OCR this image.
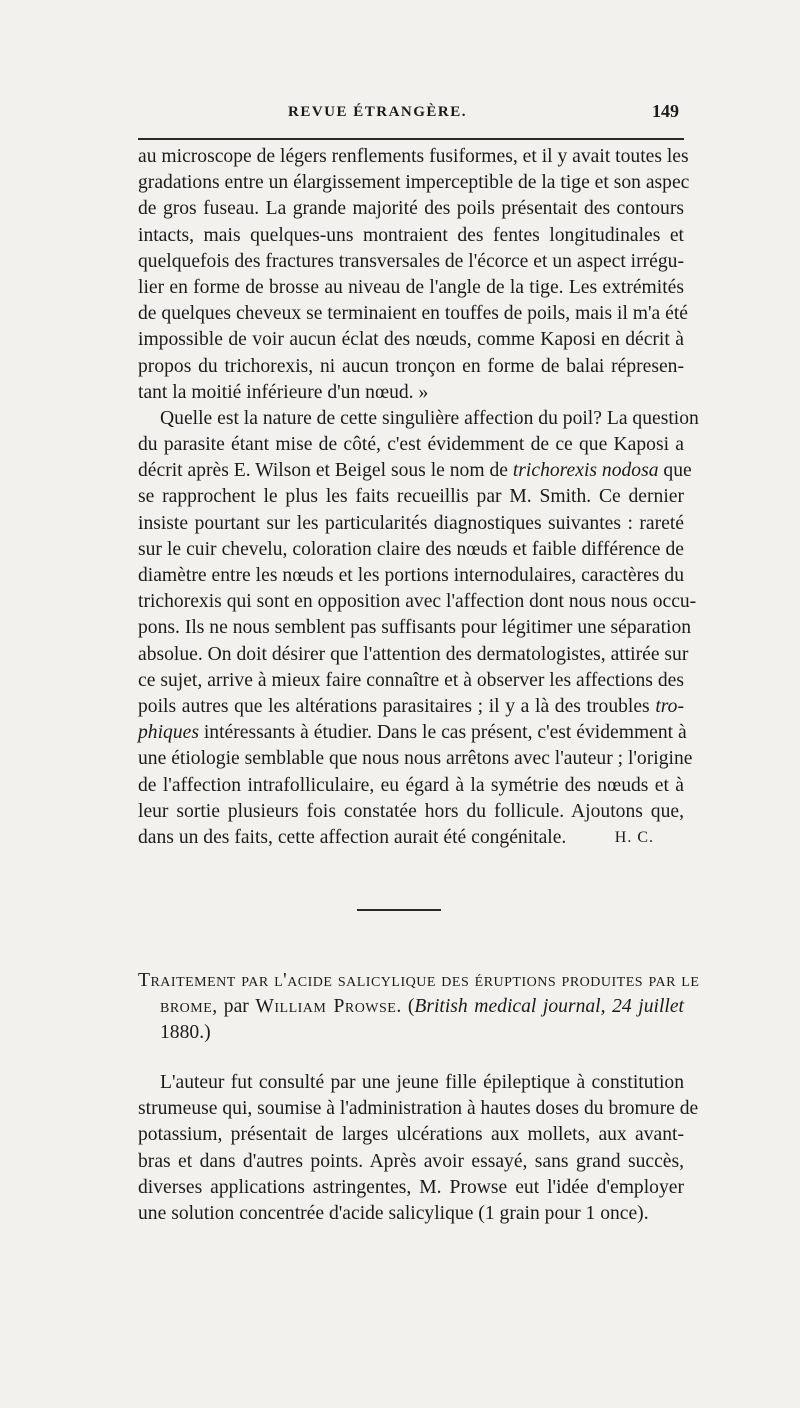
REVUE ÉTRANGÈRE.	149
au microscope de légers renflements fusiformes, et il y avait toutes les
gradations entre un élargissement imperceptible de la tige et son aspec
de gros fuseau. La grande majorité des poils présentait des contours
intacts, mais quelques-uns montraient des fentes longitudinales et
quelquefois des fractures transversales de l'écorce et un aspect irrégu-
lier en forme de brosse au niveau de l'angle de la tige. Les extrémités
de quelques cheveux se terminaient en touffes de poils, mais il m'a été
impossible de voir aucun éclat des nœuds, comme Kaposi en décrit à
propos du trichorexis, ni aucun tronçon en forme de balai répresen-
tant la moitié inférieure d'un nœud. »
Quelle est la nature de cette singulière affection du poil? La question
du parasite étant mise de côté, c'est évidemment de ce que Kaposi a
décrit après E. Wilson et Beigel sous le nom de trichorexis nodosa que
se rapprochent le plus les faits recueillis par M. Smith. Ce dernier
insiste pourtant sur les particularités diagnostiques suivantes : rareté
sur le cuir chevelu, coloration claire des nœuds et faible différence de
diamètre entre les nœuds et les portions internodulaires, caractères du
trichorexis qui sont en opposition avec l'affection dont nous nous occu-
pons. Ils ne nous semblent pas suffisants pour légitimer une séparation
absolue. On doit désirer que l'attention des dermatologistes, attirée sur
ce sujet, arrive à mieux faire connaître et à observer les affections des
poils autres que les altérations parasitaires ; il y a là des troubles tro-
phiques intéressants à étudier. Dans le cas présent, c'est évidemment à
une étiologie semblable que nous nous arrêtons avec l'auteur ; l'origine
de l'affection intrafolliculaire, eu égard à la symétrie des nœuds et à
leur sortie plusieurs fois constatée hors du follicule. Ajoutons que,
dans un des faits, cette affection aurait été congénitale.	H. C.
Traitement par l'acide salicylique des éruptions produites par le
brome, par William Prowse. (British medical journal, 24 juillet
1880.)
L'auteur fut consulté par une jeune fille épileptique à constitution
strumeuse qui, soumise à l'administration à hautes doses du bromure de
potassium, présentait de larges ulcérations aux mollets, aux avant-
bras et dans d'autres points. Après avoir essayé, sans grand succès,
diverses applications astringentes, M. Prowse eut l'idée d'employer
une solution concentrée d'acide salicylique (1 grain pour 1 once).
